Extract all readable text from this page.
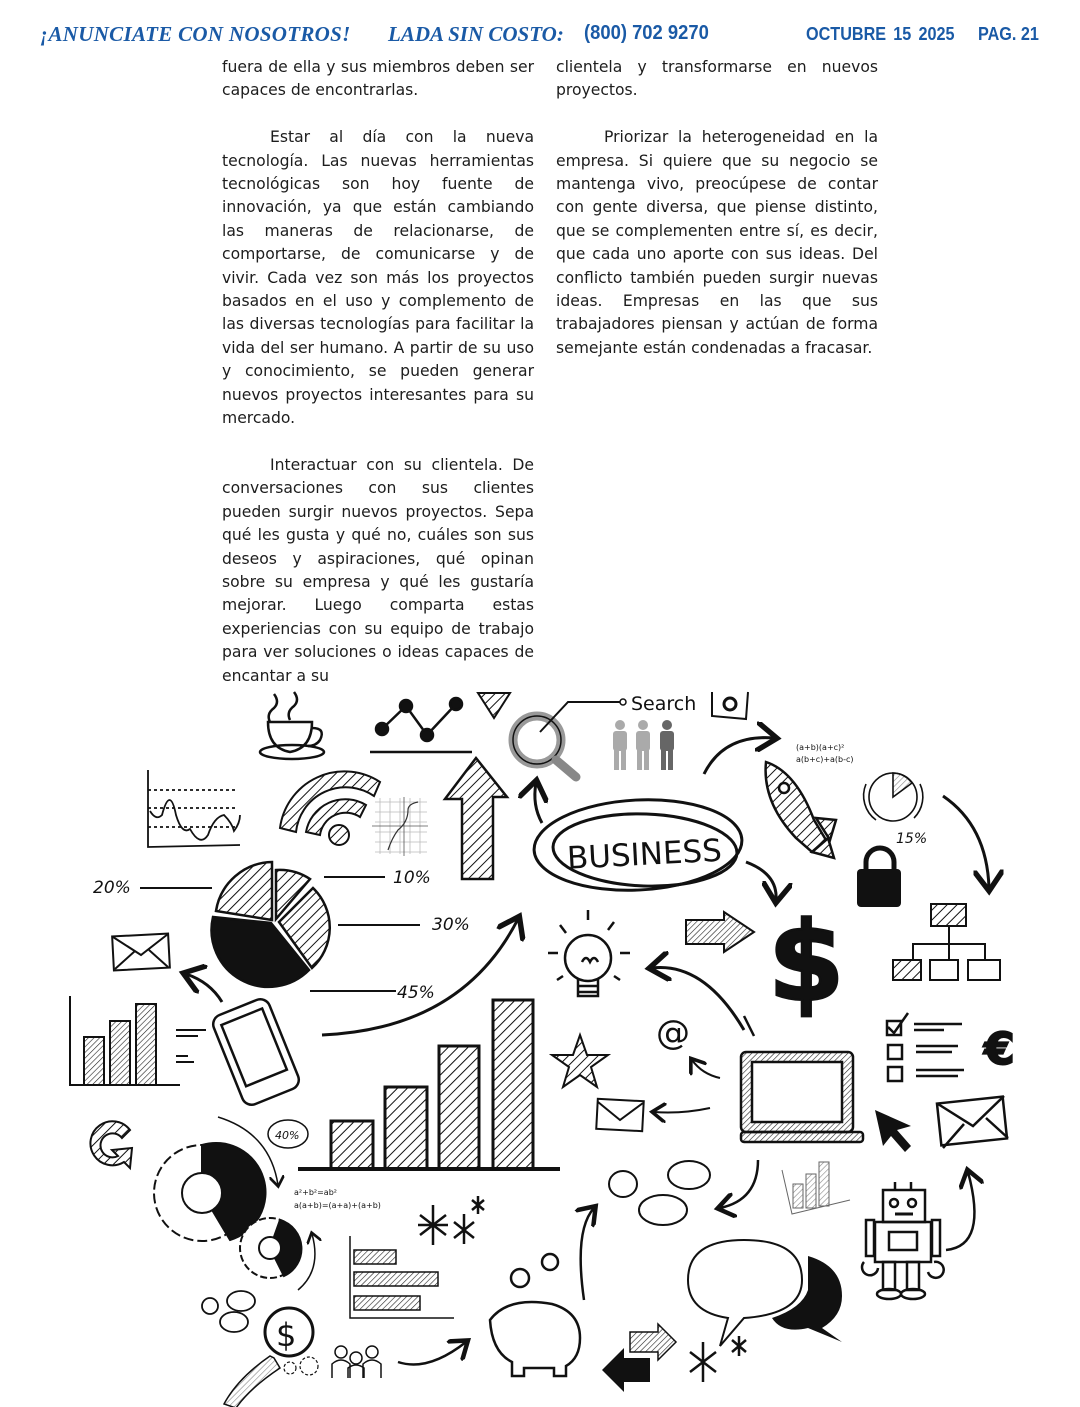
¡ANUNCIATE CON NOSOTROS! LADA SIN COSTO: (800) 702 9270	OCTUBRE 15 2025 PAG. 21

fuera de ella y sus miembros deben ser capaces de encontrarlas.

Estar al día con la nueva tecnología. Las nuevas herramientas tecnológicas son hoy fuente de innovación, ya que están cambiando las maneras de relacionarse, de comportarse, de comunicarse y de vivir. Cada vez son más los proyectos basados en el uso y complemento de las diversas tecnologías para facilitar la vida del ser humano. A partir de su uso y conocimiento, se pueden generar nuevos proyectos interesantes para su mercado.

Interactuar con su clientela. De conversaciones con sus clientes pueden surgir nuevos proyectos. Sepa qué les gusta y qué no, cuáles son sus deseos y aspiraciones, qué opinan sobre su empresa y qué les gustaría mejorar. Luego comparta estas experiencias con su equipo de trabajo para ver soluciones o ideas capaces de encantar a su

clientela y transformarse en nuevos proyectos.

Priorizar la heterogeneidad en la empresa. Si quiere que su negocio se mantenga vivo, preocúpese de contar con gente diversa, que piense distinto, que se complementen entre sí, es decir, que cada uno aporte con sus ideas. Del conflicto también pueden surgir nuevas ideas. Empresas en las que sus trabajadores piensan y actúan de forma semejante están condenadas a fracasar.

Search
20%	10%
30%
45%
BUSINESS
(a+b)(a+c)²
a(b+c)+a(b-c)
15%
$
40%
a²+b²=ab²
a(a+b)=(a+a)+(a+b)
$
@	€
